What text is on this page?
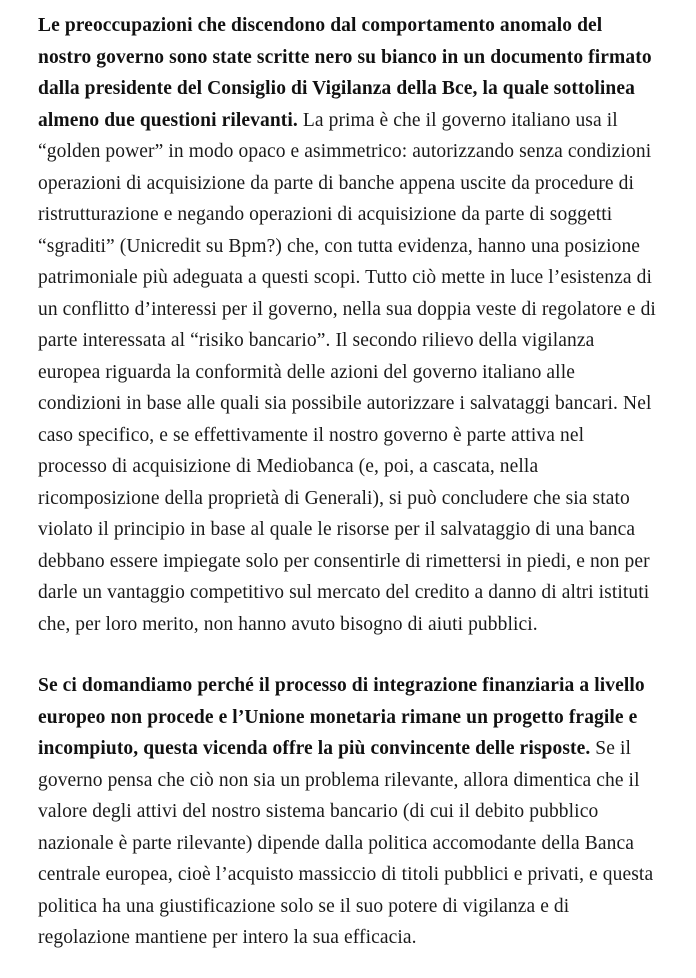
Le preoccupazioni che discendono dal comportamento anomalo del nostro governo sono state scritte nero su bianco in un documento firmato dalla presidente del Consiglio di Vigilanza della Bce, la quale sottolinea almeno due questioni rilevanti. La prima è che il governo italiano usa il “golden power” in modo opaco e asimmetrico: autorizzando senza condizioni operazioni di acquisizione da parte di banche appena uscite da procedure di ristrutturazione e negando operazioni di acquisizione da parte di soggetti “sgraditi” (Unicredit su Bpm?) che, con tutta evidenza, hanno una posizione patrimoniale più adeguata a questi scopi. Tutto ciò mette in luce l’esistenza di un conflitto d’interessi per il governo, nella sua doppia veste di regolatore e di parte interessata al “risiko bancario”. Il secondo rilievo della vigilanza europea riguarda la conformità delle azioni del governo italiano alle condizioni in base alle quali sia possibile autorizzare i salvataggi bancari. Nel caso specifico, e se effettivamente il nostro governo è parte attiva nel processo di acquisizione di Mediobanca (e, poi, a cascata, nella ricomposizione della proprietà di Generali), si può concludere che sia stato violato il principio in base al quale le risorse per il salvataggio di una banca debbano essere impiegate solo per consentirle di rimettersi in piedi, e non per darle un vantaggio competitivo sul mercato del credito a danno di altri istituti che, per loro merito, non hanno avuto bisogno di aiuti pubblici.

Se ci domandiamo perché il processo di integrazione finanziaria a livello europeo non procede e l’Unione monetaria rimane un progetto fragile e incompiuto, questa vicenda offre la più convincente delle risposte. Se il governo pensa che ciò non sia un problema rilevante, allora dimentica che il valore degli attivi del nostro sistema bancario (di cui il debito pubblico nazionale è parte rilevante) dipende dalla politica accomodante della Banca centrale europea, cioè l’acquisto massiccio di titoli pubblici e privati, e questa politica ha una giustificazione solo se il suo potere di vigilanza e di regolazione mantiene per intero la sua efficacia.
